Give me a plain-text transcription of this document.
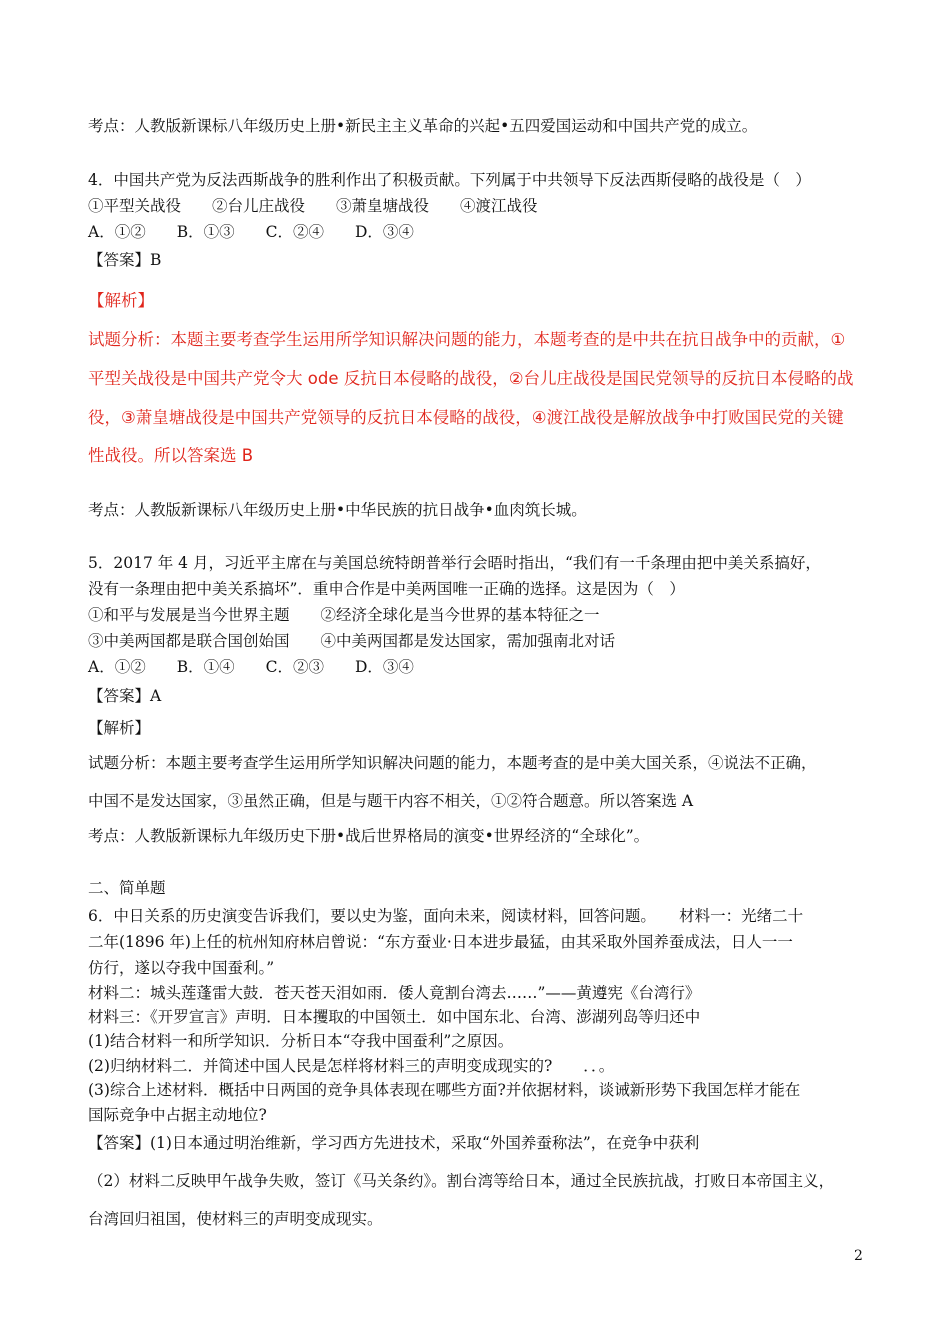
考点：人教版新课标八年级历史上册•新民主主义革命的兴起•五四爱国运动和中国共产党的成立。
4．中国共产党为反法西斯战争的胜利作出了积极贡献。下列属于中共领导下反法西斯侵略的战役是（　）
①平型关战役　　②台儿庄战役　　③萧皇塘战役　　④渡江战役
A．①②　　B．①③　　C．②④　　D．③④
【答案】B
【解析】
试题分析：本题主要考查学生运用所学知识解决问题的能力，本题考查的是中共在抗日战争中的贡献，①
平型关战役是中国共产党令大 ode 反抗日本侵略的战役，②台儿庄战役是国民党领导的反抗日本侵略的战
役，③萧皇塘战役是中国共产党领导的反抗日本侵略的战役，④渡江战役是解放战争中打败国民党的关键
性战役。所以答案选 B
考点：人教版新课标八年级历史上册•中华民族的抗日战争•血肉筑长城。
5．2017 年 4 月，习近平主席在与美国总统特朗普举行会晤时指出，“我们有一千条理由把中美关系搞好，
没有一条理由把中美关系搞坏”．重申合作是中美两国唯一正确的选择。这是因为（　）
①和平与发展是当今世界主题　　②经济全球化是当今世界的基本特征之一
③中美两国都是联合国创始国　　④中美两国都是发达国家，需加强南北对话
A．①②　　B．①④　　C．②③　　D．③④
【答案】A
【解析】
试题分析：本题主要考查学生运用所学知识解决问题的能力，本题考查的是中美大国关系，④说法不正确，
中国不是发达国家，③虽然正确，但是与题干内容不相关，①②符合题意。所以答案选 A
考点：人教版新课标九年级历史下册•战后世界格局的演变•世界经济的“全球化”。
二、简单题
6．中日关系的历史演变告诉我们，要以史为鉴，面向未来，阅读材料，回答问题。　　材料一：光绪二十
二年(1896 年)上任的杭州知府林启曾说：“东方蚕业·日本进步最猛，由其采取外国养蚕成法，日人一一
仿行，遂以夺我中国蚕利。”
材料二：城头莲蓬雷大鼓．苍天苍天泪如雨．倭人竟割台湾去……”——黄遵宪《台湾行》
材料三：《开罗宣言》声明．日本攫取的中国领土．如中国东北、台湾、澎湖列岛等归还中
(1)结合材料一和所学知识．分析日本“夺我中国蚕利”之原因。
(2)归纳材料二．并简述中国人民是怎样将材料三的声明变成现实的?　　．．。
(3)综合上述材料．概括中日两国的竞争具体表现在哪些方面?并依据材料，谈诫新形势下我国怎样才能在
国际竞争中占据主动地位?
【答案】(1)日本通过明治维新，学习西方先进技术，采取“外国养蚕称法”，在竞争中获利
（2）材料二反映甲午战争失败，签订《马关条约》。割台湾等给日本，通过全民族抗战，打败日本帝国主义，
台湾回归祖国，使材料三的声明变成现实。
2
